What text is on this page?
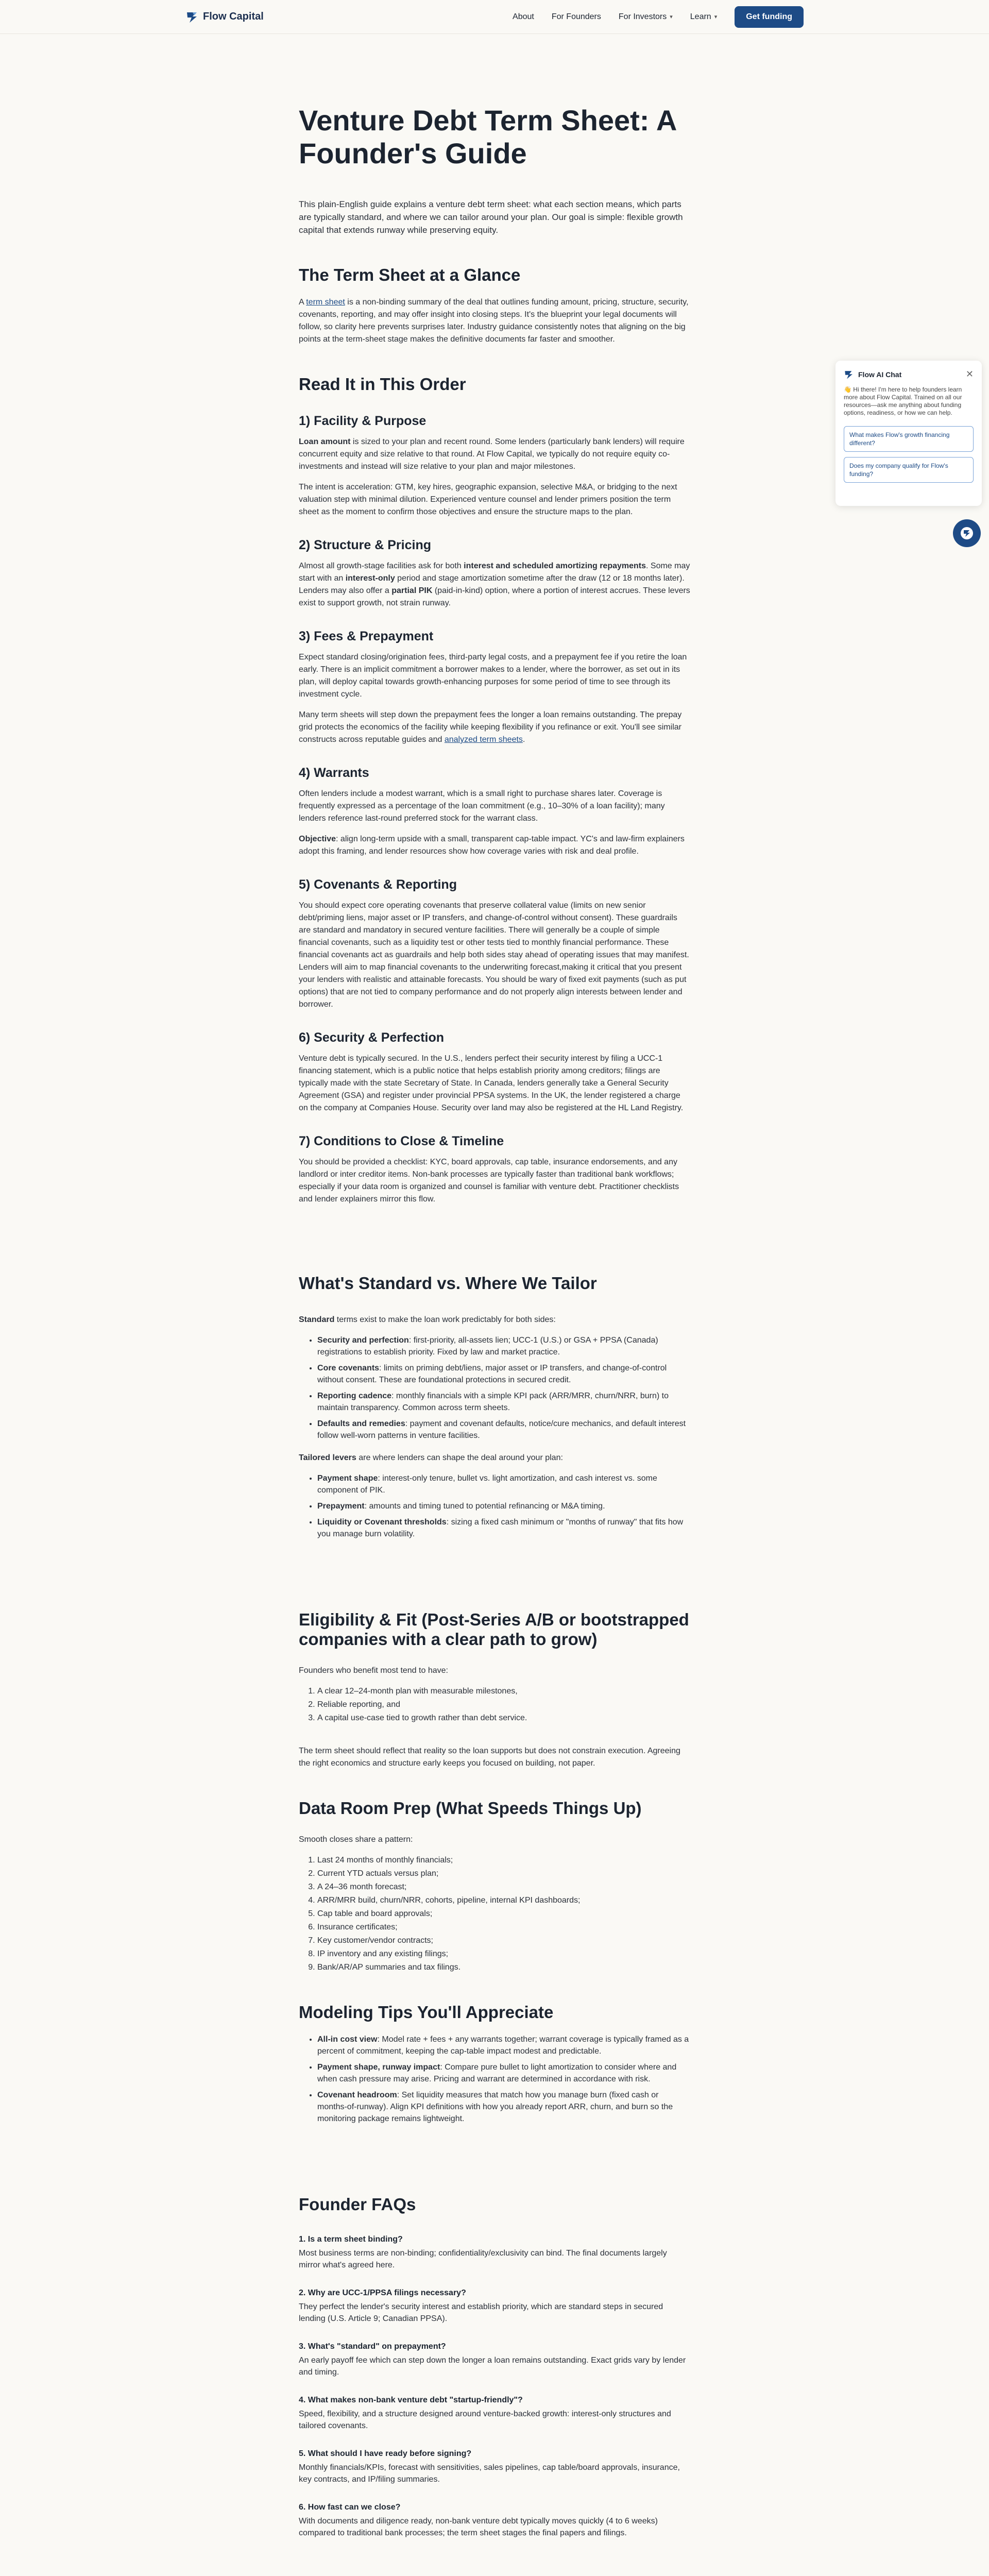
Flow Capital	About For Founders For Investors ▾ Learn ▾	Get funding
Venture Debt Term Sheet: A Founder's Guide

This plain-English guide explains a venture debt term sheet: what each section means, which parts are typically standard, and where we can tailor around your plan. Our goal is simple: flexible growth capital that extends runway while preserving equity.

The Term Sheet at a Glance

A term sheet is a non-binding summary of the deal that outlines funding amount, pricing, structure, security, covenants, reporting, and may offer insight into closing steps. It's the blueprint your legal documents will follow, so clarity here prevents surprises later. Industry guidance consistently notes that aligning on the big points at the term-sheet stage makes the definitive documents far faster and smoother.

Read It in This Order
1) Facility & Purpose

Loan amount is sized to your plan and recent round. Some lenders (particularly bank lenders) will require concurrent equity and size relative to that round. At Flow Capital, we typically do not require equity co-investments and instead will size relative to your plan and major milestones.

The intent is acceleration: GTM, key hires, geographic expansion, selective M&A, or bridging to the next valuation step with minimal dilution. Experienced venture counsel and lender primers position the term sheet as the moment to confirm those objectives and ensure the structure maps to the plan.

2) Structure & Pricing

Almost all growth-stage facilities ask for both interest and scheduled amortizing repayments. Some may start with an interest-only period and stage amortization sometime after the draw (12 or 18 months later). Lenders may also offer a partial PIK (paid-in-kind) option, where a portion of interest accrues. These levers exist to support growth, not strain runway.

3) Fees & Prepayment

Expect standard closing/origination fees, third-party legal costs, and a prepayment fee if you retire the loan early. There is an implicit commitment a borrower makes to a lender, where the borrower, as set out in its plan, will deploy capital towards growth-enhancing purposes for some period of time to see through its investment cycle.

Many term sheets will step down the prepayment fees the longer a loan remains outstanding. The prepay grid protects the economics of the facility while keeping flexibility if you refinance or exit. You'll see similar constructs across reputable guides and analyzed term sheets.

4) Warrants

Often lenders include a modest warrant, which is a small right to purchase shares later. Coverage is frequently expressed as a percentage of the loan commitment (e.g., 10–30% of a loan facility); many lenders reference last-round preferred stock for the warrant class.

Objective: align long-term upside with a small, transparent cap-table impact. YC's and law-firm explainers adopt this framing, and lender resources show how coverage varies with risk and deal profile.

5) Covenants & Reporting

You should expect core operating covenants that preserve collateral value (limits on new senior debt/priming liens, major asset or IP transfers, and change-of-control without consent). These guardrails are standard and mandatory in secured venture facilities. There will generally be a couple of simple financial covenants, such as a liquidity test or other tests tied to monthly financial performance. These financial covenants act as guardrails and help both sides stay ahead of operating issues that may manifest. Lenders will aim to map financial covenants to the underwriting forecast,making it critical that you present your lenders with realistic and attainable forecasts. You should be wary of fixed exit payments (such as put options) that are not tied to company performance and do not properly align interests between lender and borrower.

6) Security & Perfection

Venture debt is typically secured. In the U.S., lenders perfect their security interest by filing a UCC-1 financing statement, which is a public notice that helps establish priority among creditors; filings are typically made with the state Secretary of State. In Canada, lenders generally take a General Security Agreement (GSA) and register under provincial PPSA systems. In the UK, the lender registered a charge on the company at Companies House. Security over land may also be registered at the HL Land Registry.

7) Conditions to Close & Timeline

You should be provided a checklist: KYC, board approvals, cap table, insurance endorsements, and any landlord or inter creditor items. Non-bank processes are typically faster than traditional bank workflows; especially if your data room is organized and counsel is familiar with venture debt. Practitioner checklists and lender explainers mirror this flow.

What's Standard vs. Where We Tailor

Standard terms exist to make the loan work predictably for both sides:

• Security and perfection: first-priority, all-assets lien; UCC-1 (U.S.) or GSA + PPSA (Canada) registrations to establish priority. Fixed by law and market practice.
• Core covenants: limits on priming debt/liens, major asset or IP transfers, and change-of-control without consent. These are foundational protections in secured credit.
• Reporting cadence: monthly financials with a simple KPI pack (ARR/MRR, churn/NRR, burn) to maintain transparency. Common across term sheets.
• Defaults and remedies: payment and covenant defaults, notice/cure mechanics, and default interest follow well-worn patterns in venture facilities.

Tailored levers are where lenders can shape the deal around your plan:

• Payment shape: interest-only tenure, bullet vs. light amortization, and cash interest vs. some component of PIK.
• Prepayment: amounts and timing tuned to potential refinancing or M&A timing.
• Liquidity or Covenant thresholds: sizing a fixed cash minimum or "months of runway" that fits how you manage burn volatility.
Eligibility & Fit (Post-Series A/B or bootstrapped companies with a clear path to grow)

Founders who benefit most tend to have:

1. A clear 12–24-month plan with measurable milestones,
2. Reliable reporting, and
3. A capital use-case tied to growth rather than debt service.

The term sheet should reflect that reality so the loan supports but does not constrain execution. Agreeing the right economics and structure early keeps you focused on building, not paper.

Data Room Prep (What Speeds Things Up)

Smooth closes share a pattern:

1. Last 24 months of monthly financials;
2. Current YTD actuals versus plan;
3. A 24–36 month forecast;
4. ARR/MRR build, churn/NRR, cohorts, pipeline, internal KPI dashboards;
5. Cap table and board approvals;
6. Insurance certificates;
7. Key customer/vendor contracts;
8. IP inventory and any existing filings;
9. Bank/AR/AP summaries and tax filings.
Modeling Tips You'll Appreciate
• All-in cost view: Model rate + fees + any warrants together; warrant coverage is typically framed as a percent of commitment, keeping the cap-table impact modest and predictable.
• Payment shape, runway impact: Compare pure bullet to light amortization to consider where and when cash pressure may arise. Pricing and warrant are determined in accordance with risk.
• Covenant headroom: Set liquidity measures that match how you manage burn (fixed cash or months-of-runway). Align KPI definitions with how you already report ARR, churn, and burn so the monitoring package remains lightweight.
Founder FAQs
1. Is a term sheet binding?
Most business terms are non-binding; confidentiality/exclusivity can bind. The final documents largely mirror what's agreed here.
2. Why are UCC-1/PPSA filings necessary?
They perfect the lender's security interest and establish priority, which are standard steps in secured lending (U.S. Article 9; Canadian PPSA).
3. What's "standard" on prepayment?
An early payoff fee which can step down the longer a loan remains outstanding. Exact grids vary by lender and timing.
4. What makes non-bank venture debt "startup-friendly"?
Speed, flexibility, and a structure designed around venture-backed growth: interest-only structures and tailored covenants.
5. What should I have ready before signing?
Monthly financials/KPIs, forecast with sensitivities, sales pipelines, cap table/board approvals, insurance, key contracts, and IP/filing summaries.
6. How fast can we close?
With documents and diligence ready, non-bank venture debt typically moves quickly (4 to 6 weeks) compared to traditional bank processes; the term sheet stages the final papers and filings.
Flow AI Chat	✕

👋 Hi there! I'm here to help founders learn more about Flow Capital. Trained on all our resources—ask me anything about funding options, readiness, or how we can help.

What makes Flow's growth financing different?
Does my company qualify for Flow's funding?
